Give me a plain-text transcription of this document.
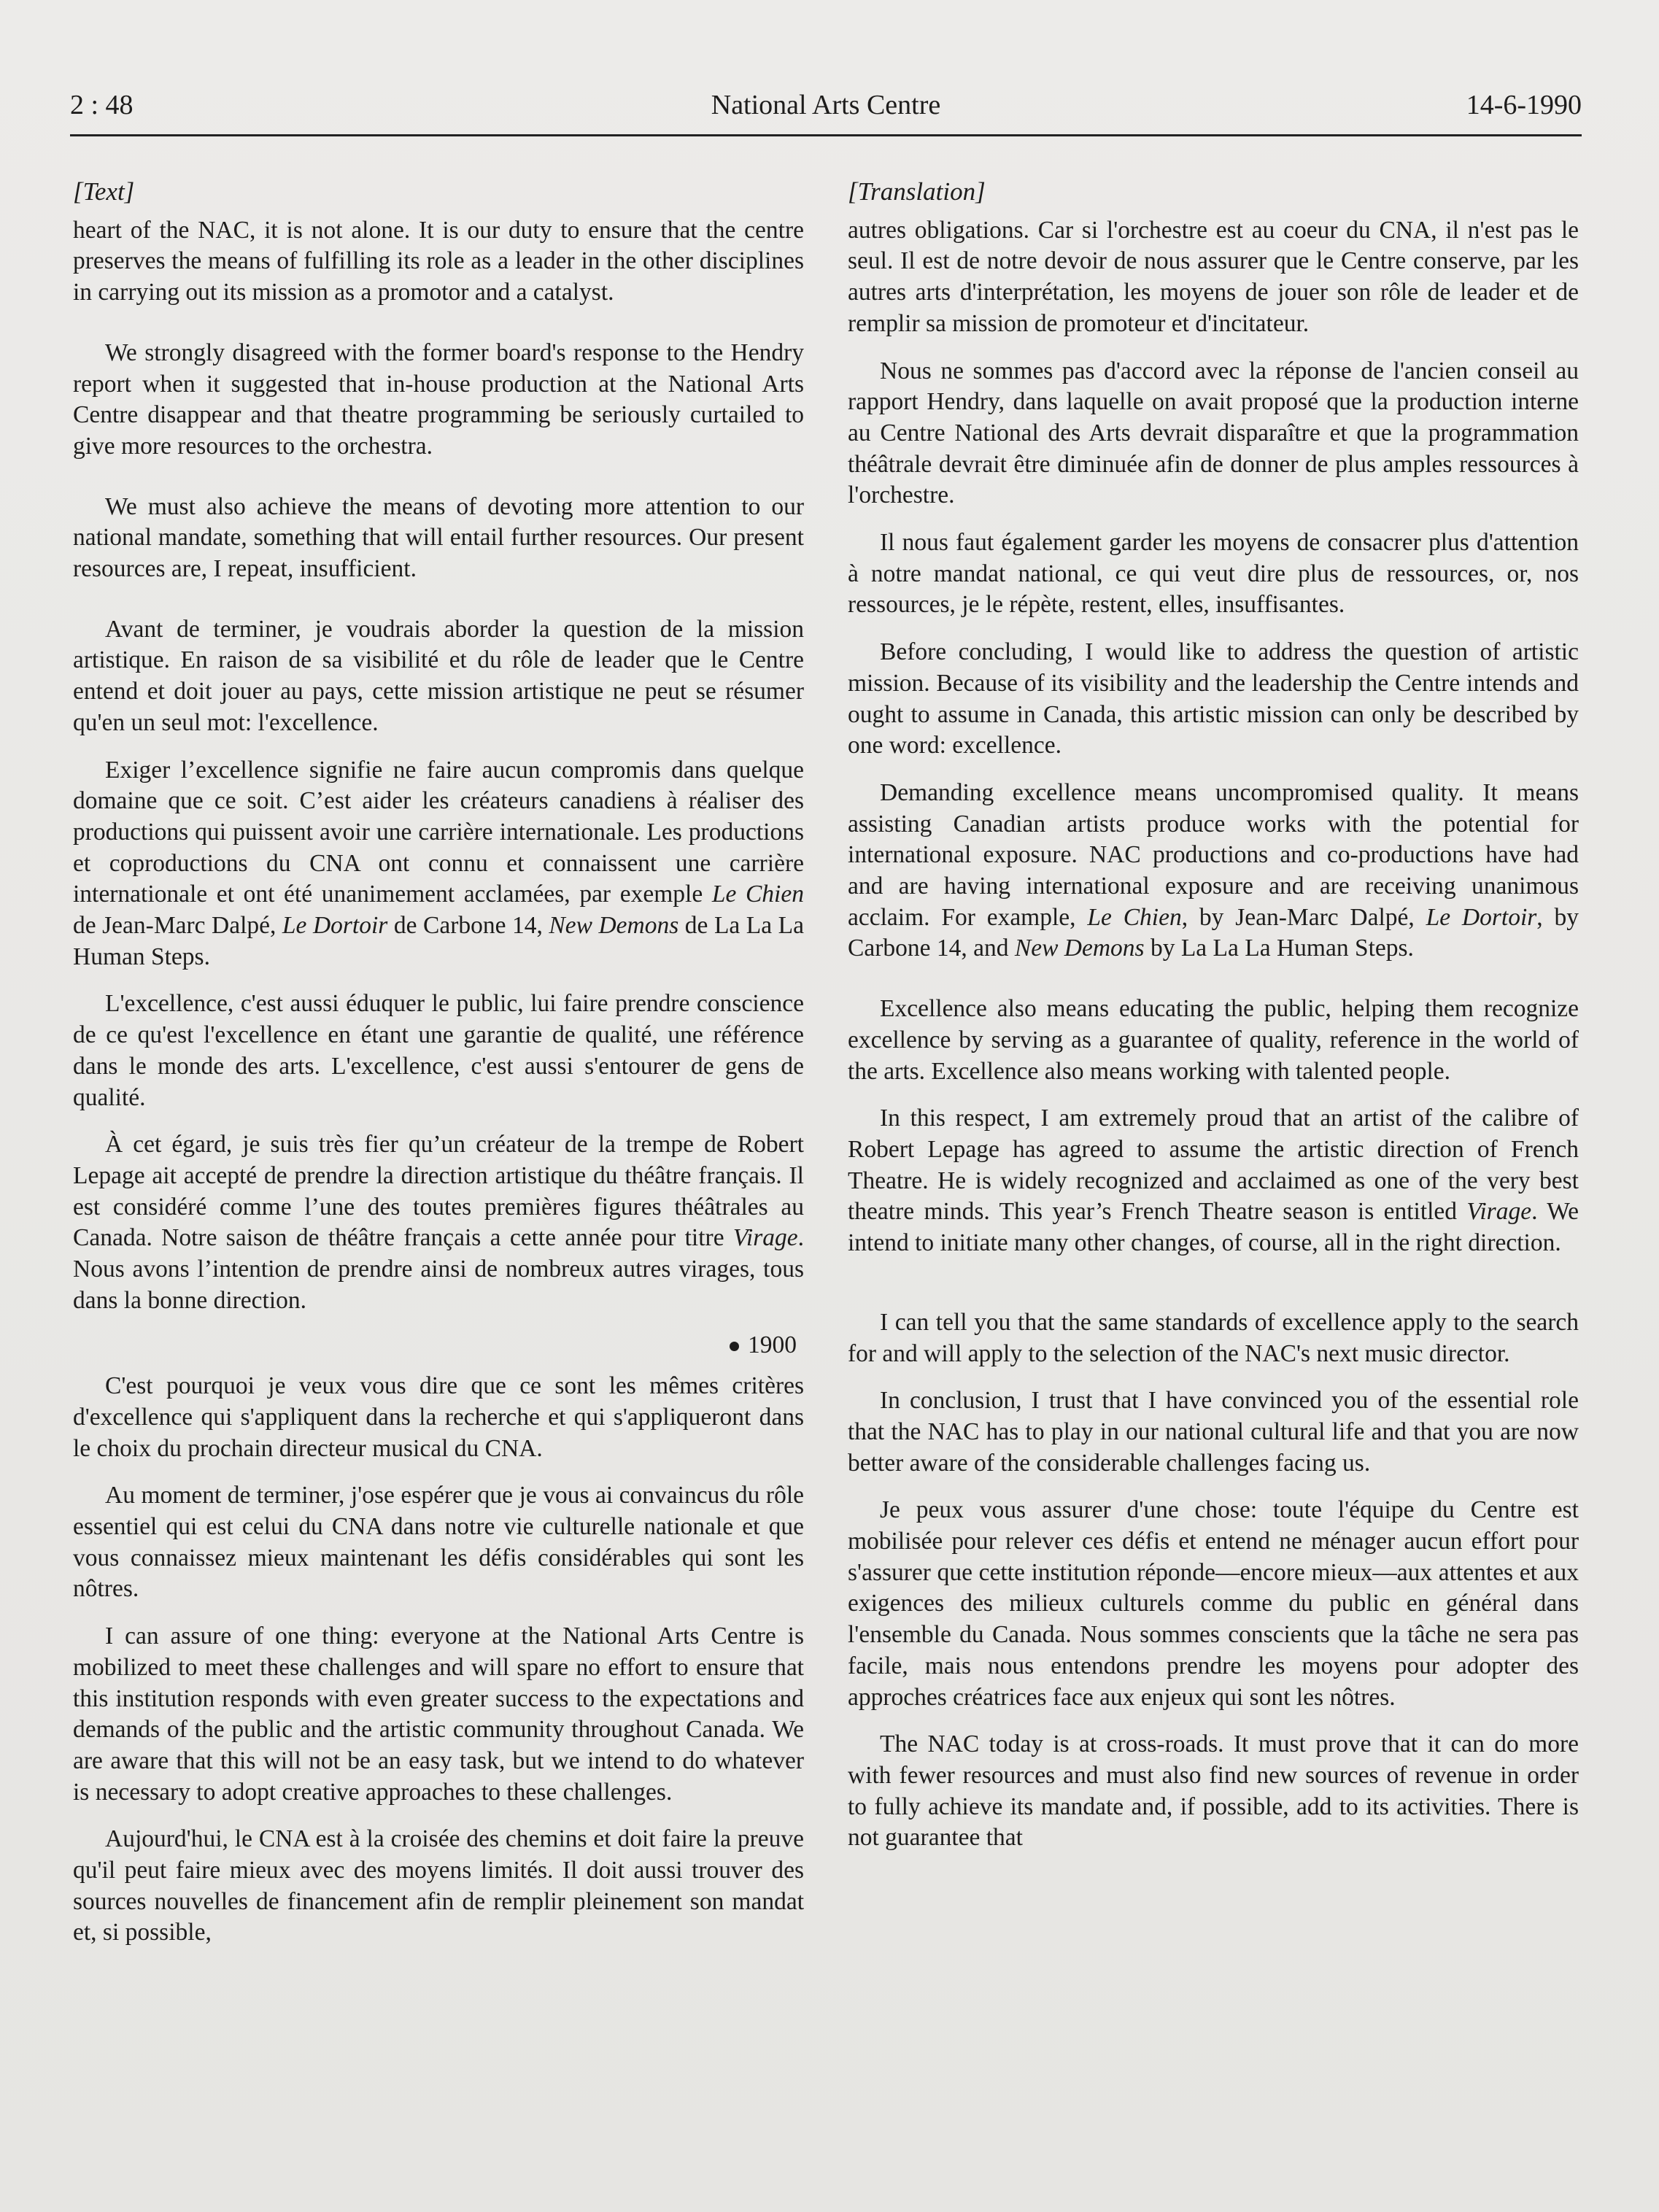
2 : 48	National Arts Centre	14-6-1990
[Text]

heart of the NAC, it is not alone. It is our duty to ensure that the centre preserves the means of fulfilling its role as a leader in the other disciplines in carrying out its mission as a promotor and a catalyst.

We strongly disagreed with the former board's response to the Hendry report when it suggested that in-house production at the National Arts Centre disappear and that theatre programming be seriously curtailed to give more resources to the orchestra.

We must also achieve the means of devoting more attention to our national mandate, something that will entail further resources. Our present resources are, I repeat, insufficient.

Avant de terminer, je voudrais aborder la question de la mission artistique. En raison de sa visibilité et du rôle de leader que le Centre entend et doit jouer au pays, cette mission artistique ne peut se résumer qu'en un seul mot: l'excellence.

Exiger l’excellence signifie ne faire aucun compromis dans quelque domaine que ce soit. C’est aider les créateurs canadiens à réaliser des productions qui puissent avoir une carrière internationale. Les productions et coproductions du CNA ont connu et connaissent une carrière internationale et ont été unanimement acclamées, par exemple Le Chien de Jean-Marc Dalpé, Le Dortoir de Carbone 14, New Demons de La La La Human Steps.

L'excellence, c'est aussi éduquer le public, lui faire prendre conscience de ce qu'est l'excellence en étant une garantie de qualité, une référence dans le monde des arts. L'excellence, c'est aussi s'entourer de gens de qualité.

À cet égard, je suis très fier qu’un créateur de la trempe de Robert Lepage ait accepté de prendre la direction artistique du théâtre français. Il est considéré comme l’une des toutes premières figures théâtrales au Canada. Notre saison de théâtre français a cette année pour titre Virage. Nous avons l’intention de prendre ainsi de nombreux autres virages, tous dans la bonne direction.

1900

C'est pourquoi je veux vous dire que ce sont les mêmes critères d'excellence qui s'appliquent dans la recherche et qui s'appliqueront dans le choix du prochain directeur musical du CNA.

Au moment de terminer, j'ose espérer que je vous ai convaincus du rôle essentiel qui est celui du CNA dans notre vie culturelle nationale et que vous connaissez mieux maintenant les défis considérables qui sont les nôtres.

I can assure of one thing: everyone at the National Arts Centre is mobilized to meet these challenges and will spare no effort to ensure that this institution responds with even greater success to the expectations and demands of the public and the artistic community throughout Canada. We are aware that this will not be an easy task, but we intend to do whatever is necessary to adopt creative approaches to these challenges.

Aujourd'hui, le CNA est à la croisée des chemins et doit faire la preuve qu'il peut faire mieux avec des moyens limités. Il doit aussi trouver des sources nouvelles de financement afin de remplir pleinement son mandat et, si possible,

[Translation]

autres obligations. Car si l'orchestre est au coeur du CNA, il n'est pas le seul. Il est de notre devoir de nous assurer que le Centre conserve, par les autres arts d'interprétation, les moyens de jouer son rôle de leader et de remplir sa mission de promoteur et d'incitateur.

Nous ne sommes pas d'accord avec la réponse de l'ancien conseil au rapport Hendry, dans laquelle on avait proposé que la production interne au Centre National des Arts devrait disparaître et que la programmation théâtrale devrait être diminuée afin de donner de plus amples ressources à l'orchestre.

Il nous faut également garder les moyens de consacrer plus d'attention à notre mandat national, ce qui veut dire plus de ressources, or, nos ressources, je le répète, restent, elles, insuffisantes.

Before concluding, I would like to address the question of artistic mission. Because of its visibility and the leadership the Centre intends and ought to assume in Canada, this artistic mission can only be described by one word: excellence.

Demanding excellence means uncompromised quality. It means assisting Canadian artists produce works with the potential for international exposure. NAC productions and co-productions have had and are having international exposure and are receiving unanimous acclaim. For example, Le Chien, by Jean-Marc Dalpé, Le Dortoir, by Carbone 14, and New Demons by La La La Human Steps.

Excellence also means educating the public, helping them recognize excellence by serving as a guarantee of quality, reference in the world of the arts. Excellence also means working with talented people.

In this respect, I am extremely proud that an artist of the calibre of Robert Lepage has agreed to assume the artistic direction of French Theatre. He is widely recognized and acclaimed as one of the very best theatre minds. This year’s French Theatre season is entitled Virage. We intend to initiate many other changes, of course, all in the right direction.

I can tell you that the same standards of excellence apply to the search for and will apply to the selection of the NAC's next music director.

In conclusion, I trust that I have convinced you of the essential role that the NAC has to play in our national cultural life and that you are now better aware of the considerable challenges facing us.

Je peux vous assurer d'une chose: toute l'équipe du Centre est mobilisée pour relever ces défis et entend ne ménager aucun effort pour s'assurer que cette institution réponde—encore mieux—aux attentes et aux exigences des milieux culturels comme du public en général dans l'ensemble du Canada. Nous sommes conscients que la tâche ne sera pas facile, mais nous entendons prendre les moyens pour adopter des approches créatrices face aux enjeux qui sont les nôtres.

The NAC today is at cross-roads. It must prove that it can do more with fewer resources and must also find new sources of revenue in order to fully achieve its mandate and, if possible, add to its activities. There is not guarantee that
